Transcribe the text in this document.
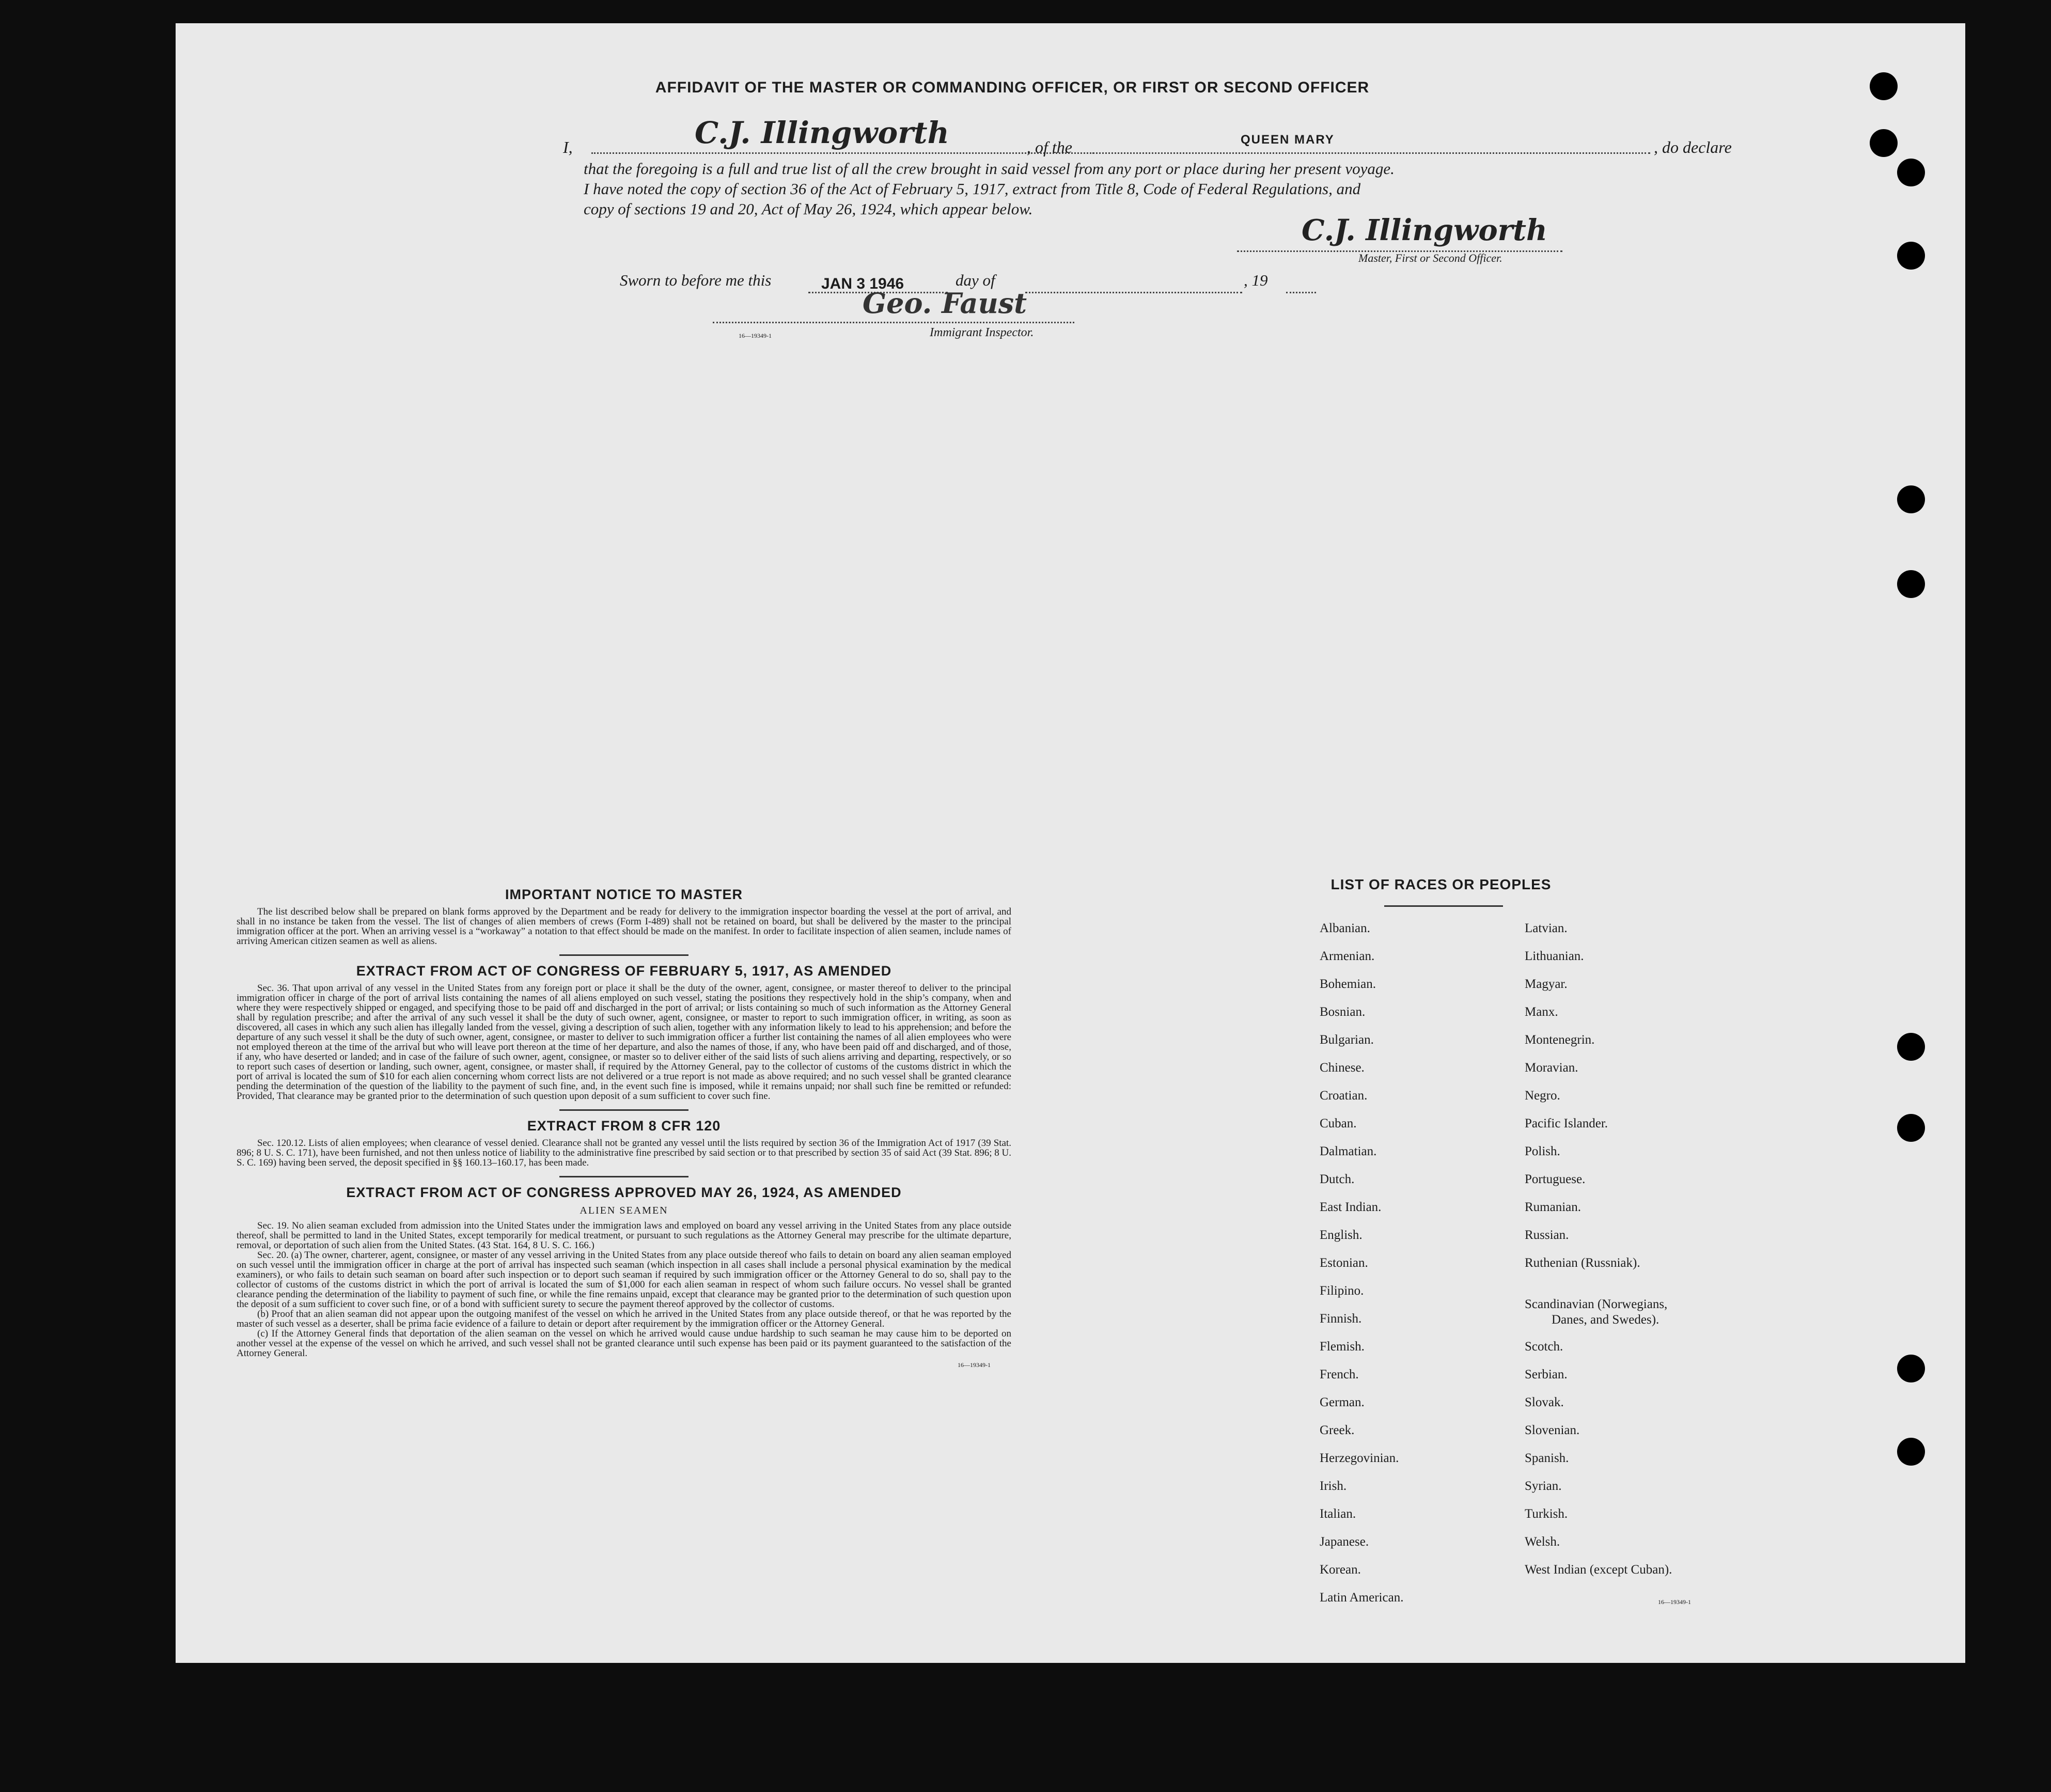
AFFIDAVIT OF THE MASTER OR COMMANDING OFFICER, OR FIRST OR SECOND OFFICER
I,	C.J. Illingworth	, of the	QUEEN MARY	, do declare
that the foregoing is a full and true list of all the crew brought in said vessel from any port or place during her present voyage.
I have noted the copy of section 36 of the Act of February 5, 1917, extract from Title 8, Code of Federal Regulations, and
copy of sections 19 and 20, Act of May 26, 1924, which appear below.
C.J. Illingworth
Master, First or Second Officer.
Sworn to before me this	JAN 3 1946	day of	, 19
Geo. Faust
Immigrant Inspector.
16—19349-1
IMPORTANT NOTICE TO MASTER

The list described below shall be prepared on blank forms approved by the Department and be ready for delivery to the immigration inspector boarding the vessel at the port of arrival, and shall in no instance be taken from the vessel. The list of changes of alien members of crews (Form I-489) shall not be retained on board, but shall be delivered by the master to the principal immigration officer at the port. When an arriving vessel is a “workaway” a notation to that effect should be made on the manifest. In order to facilitate inspection of alien seamen, include names of arriving American citizen seamen as well as aliens.

EXTRACT FROM ACT OF CONGRESS OF FEBRUARY 5, 1917, AS AMENDED

Sec. 36. That upon arrival of any vessel in the United States from any foreign port or place it shall be the duty of the owner, agent, consignee, or master thereof to deliver to the principal immigration officer in charge of the port of arrival lists containing the names of all aliens employed on such vessel, stating the positions they respectively hold in the ship’s company, when and where they were respectively shipped or engaged, and specifying those to be paid off and discharged in the port of arrival; or lists containing so much of such information as the Attorney General shall by regulation prescribe; and after the arrival of any such vessel it shall be the duty of such owner, agent, consignee, or master to report to such immigration officer, in writing, as soon as discovered, all cases in which any such alien has illegally landed from the vessel, giving a description of such alien, together with any information likely to lead to his apprehension; and before the departure of any such vessel it shall be the duty of such owner, agent, consignee, or master to deliver to such immigration officer a further list containing the names of all alien employees who were not employed thereon at the time of the arrival but who will leave port thereon at the time of her departure, and also the names of those, if any, who have been paid off and discharged, and of those, if any, who have deserted or landed; and in case of the failure of such owner, agent, consignee, or master so to deliver either of the said lists of such aliens arriving and departing, respectively, or so to report such cases of desertion or landing, such owner, agent, consignee, or master shall, if required by the Attorney General, pay to the collector of customs of the customs district in which the port of arrival is located the sum of $10 for each alien concerning whom correct lists are not delivered or a true report is not made as above required; and no such vessel shall be granted clearance pending the determination of the question of the liability to the payment of such fine, and, in the event such fine is imposed, while it remains unpaid; nor shall such fine be remitted or refunded: Provided, That clearance may be granted prior to the determination of such question upon deposit of a sum sufficient to cover such fine.

EXTRACT FROM 8 CFR 120

Sec. 120.12. Lists of alien employees; when clearance of vessel denied. Clearance shall not be granted any vessel until the lists required by section 36 of the Immigration Act of 1917 (39 Stat. 896; 8 U. S. C. 171), have been furnished, and not then unless notice of liability to the administrative fine prescribed by said section or to that prescribed by section 35 of said Act (39 Stat. 896; 8 U. S. C. 169) having been served, the deposit specified in §§ 160.13–160.17, has been made.

EXTRACT FROM ACT OF CONGRESS APPROVED MAY 26, 1924, AS AMENDED
ALIEN SEAMEN

Sec. 19. No alien seaman excluded from admission into the United States under the immigration laws and employed on board any vessel arriving in the United States from any place outside thereof, shall be permitted to land in the United States, except temporarily for medical treatment, or pursuant to such regulations as the Attorney General may prescribe for the ultimate departure, removal, or deportation of such alien from the United States. (43 Stat. 164, 8 U. S. C. 166.)

Sec. 20. (a) The owner, charterer, agent, consignee, or master of any vessel arriving in the United States from any place outside thereof who fails to detain on board any alien seaman employed on such vessel until the immigration officer in charge at the port of arrival has inspected such seaman (which inspection in all cases shall include a personal physical examination by the medical examiners), or who fails to detain such seaman on board after such inspection or to deport such seaman if required by such immigration officer or the Attorney General to do so, shall pay to the collector of customs of the customs district in which the port of arrival is located the sum of $1,000 for each alien seaman in respect of whom such failure occurs. No vessel shall be granted clearance pending the determination of the liability to payment of such fine, or while the fine remains unpaid, except that clearance may be granted prior to the determination of such question upon the deposit of a sum sufficient to cover such fine, or of a bond with sufficient surety to secure the payment thereof approved by the collector of customs.

(b) Proof that an alien seaman did not appear upon the outgoing manifest of the vessel on which he arrived in the United States from any place outside thereof, or that he was reported by the master of such vessel as a deserter, shall be prima facie evidence of a failure to detain or deport after requirement by the immigration officer or the Attorney General.

(c) If the Attorney General finds that deportation of the alien seaman on the vessel on which he arrived would cause undue hardship to such seaman he may cause him to be deported on another vessel at the expense of the vessel on which he arrived, and such vessel shall not be granted clearance until such expense has been paid or its payment guaranteed to the satisfaction of the Attorney General.

16—19349-1
LIST OF RACES OR PEOPLES
Albanian.
Armenian.
Bohemian.
Bosnian.
Bulgarian.
Chinese.
Croatian.
Cuban.
Dalmatian.
Dutch.
East Indian.
English.
Estonian.
Filipino.
Finnish.
Flemish.
French.
German.
Greek.
Herzegovinian.
Irish.
Italian.
Japanese.
Korean.
Latin American.
Latvian.
Lithuanian.
Magyar.
Manx.
Montenegrin.
Moravian.
Negro.
Pacific Islander.
Polish.
Portuguese.
Rumanian.
Russian.
Ruthenian (Russniak).
Scandinavian (Norwegians,
Danes, and Swedes).
Scotch.
Serbian.
Slovak.
Slovenian.
Spanish.
Syrian.
Turkish.
Welsh.
West Indian (except Cuban).
16—19349-1
